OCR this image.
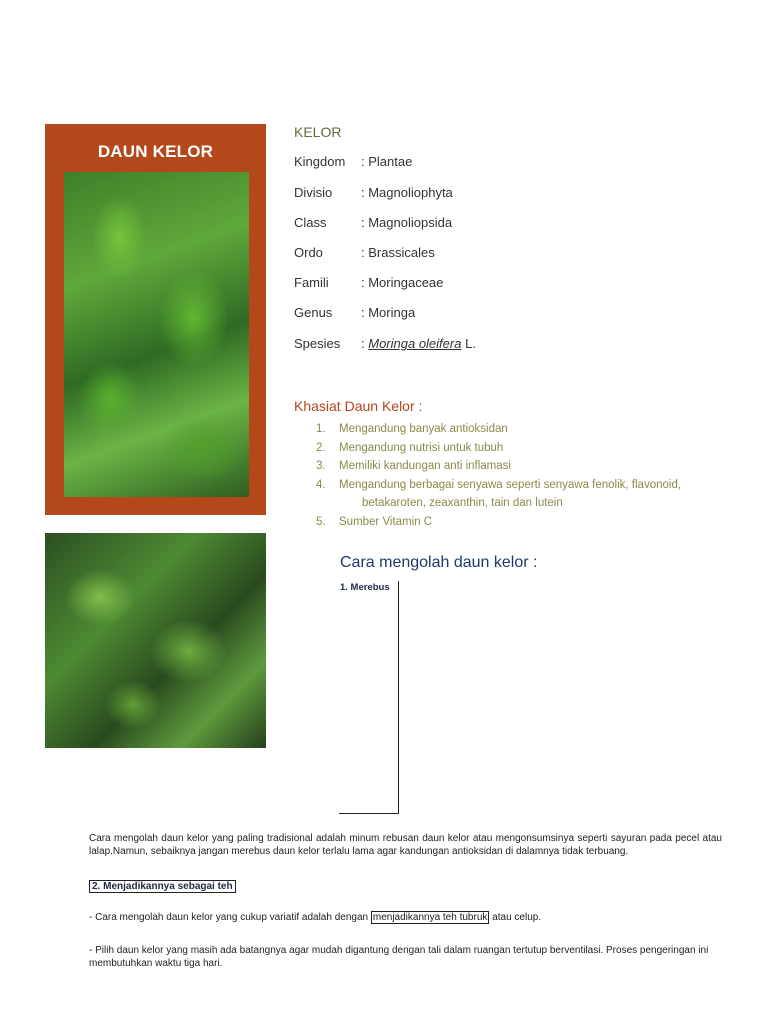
DAUN KELOR
KELOR
Kingdom : Plantae
Divisio : Magnoliophyta
Class	: Magnoliopsida
Ordo	: Brassicales
Famili : Moringaceae
Genus : Moringa
Spesies : Moringa oleifera L.
Khasiat Daun Kelor :
1. Mengandung banyak antioksidan
2. Mengandung nutrisi untuk tubuh
3. Memiliki kandungan anti inflamasi
4. Mengandung berbagai senyawa seperti senyawa fenolik, flavonoid,
betakaroten, zeaxanthin, tain dan lutein
5. Sumber Vitamin C
Cara mengolah daun kelor :
1. Merebus
Cara mengolah daun kelor yang paling tradisional adalah minum rebusan daun kelor atau mengonsumsinya seperti sayuran pada pecel atau lalap.Namun, sebaiknya jangan merebus daun kelor terlalu lama agar kandungan antioksidan di dalamnya tidak terbuang.
2. Menjadikannya sebagai teh
- Cara mengolah daun kelor yang cukup variatif adalah dengan menjadikannya teh tubruk atau celup.
- Pilih daun kelor yang masih ada batangnya agar mudah digantung dengan tali dalam ruangan tertutup berventilasi. Proses pengeringan ini membutuhkan waktu tiga hari.
